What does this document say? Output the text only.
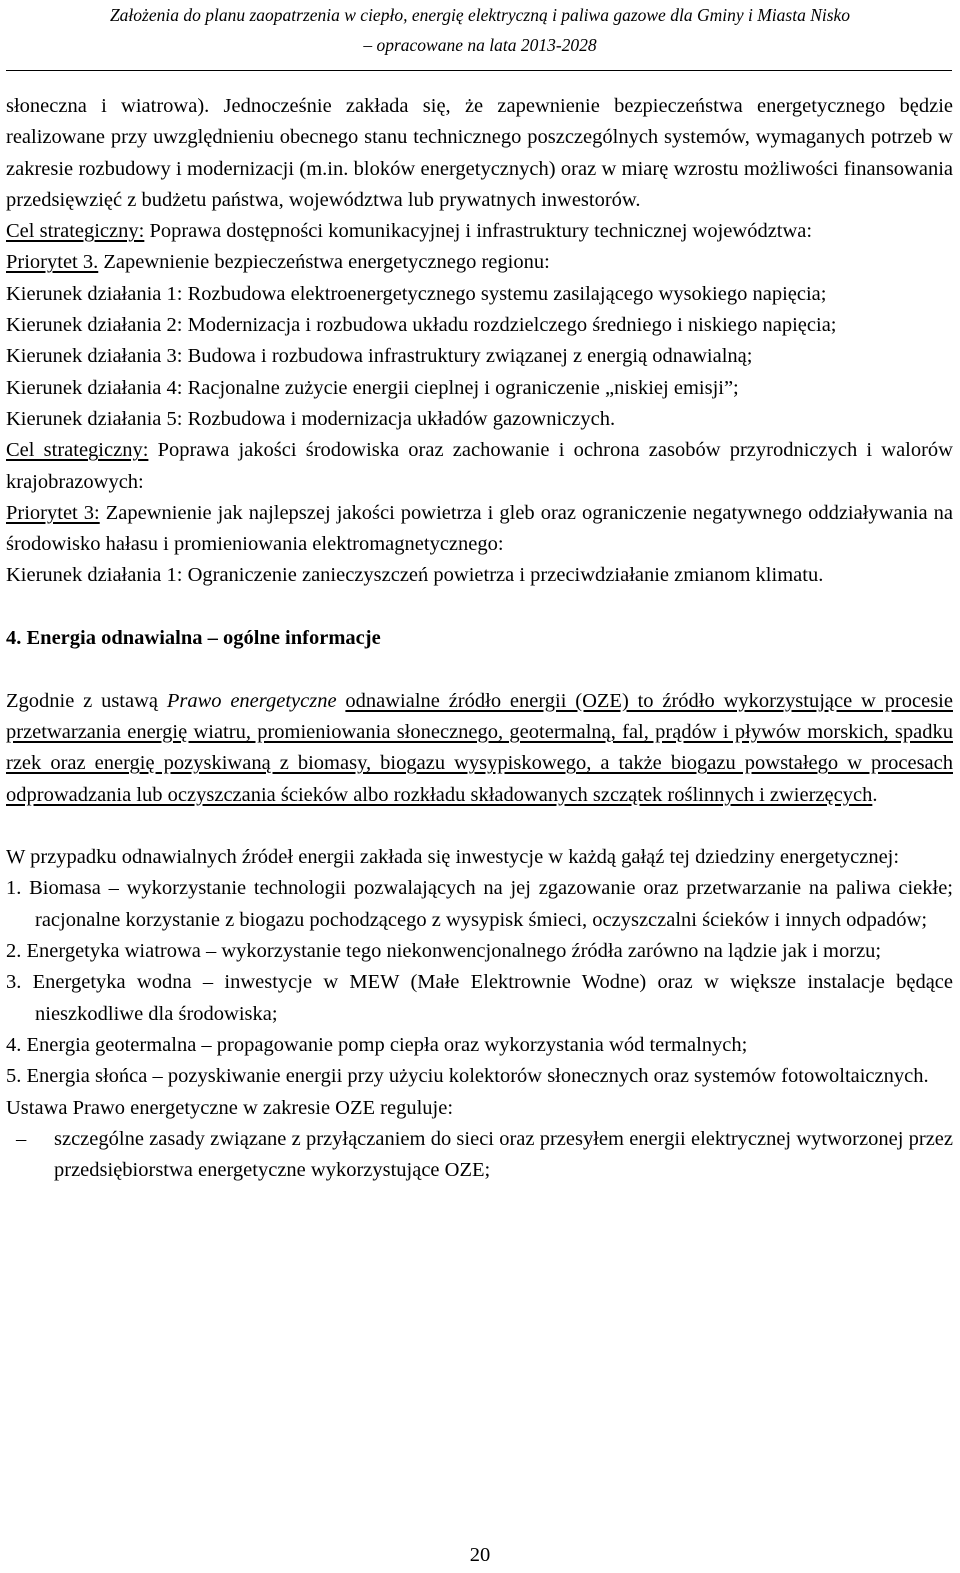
Założenia do planu zaopatrzenia w ciepło, energię elektryczną i paliwa gazowe dla Gminy i Miasta Nisko
– opracowane na lata 2013-2028

słoneczna i wiatrowa). Jednocześnie zakłada się, że zapewnienie bezpieczeństwa energetycznego będzie realizowane przy uwzględnieniu obecnego stanu technicznego poszczególnych systemów, wymaganych potrzeb w zakresie rozbudowy i modernizacji (m.in. bloków energetycznych) oraz w miarę wzrostu możliwości finansowania przedsięwzięć z budżetu państwa, województwa lub prywatnych inwestorów.

Cel strategiczny: Poprawa dostępności komunikacyjnej i infrastruktury technicznej województwa:

Priorytet 3. Zapewnienie bezpieczeństwa energetycznego regionu:

Kierunek działania 1: Rozbudowa elektroenergetycznego systemu zasilającego wysokiego napięcia;

Kierunek działania 2: Modernizacja i rozbudowa układu rozdzielczego średniego i niskiego napięcia;

Kierunek działania 3: Budowa i rozbudowa infrastruktury związanej z energią odnawialną;

Kierunek działania 4: Racjonalne zużycie energii cieplnej i ograniczenie „niskiej emisji”;

Kierunek działania 5: Rozbudowa i modernizacja układów gazowniczych.

Cel strategiczny: Poprawa jakości środowiska oraz zachowanie i ochrona zasobów przyrodniczych i walorów krajobrazowych:

Priorytet 3: Zapewnienie jak najlepszej jakości powietrza i gleb oraz ograniczenie negatywnego oddziaływania na środowisko hałasu i promieniowania elektromagnetycznego:

Kierunek działania 1: Ograniczenie zanieczyszczeń powietrza i przeciwdziałanie zmianom klimatu.

4. Energia odnawialna – ogólne informacje

Zgodnie z ustawą Prawo energetyczne odnawialne źródło energii (OZE) to źródło wykorzystujące w procesie przetwarzania energię wiatru, promieniowania słonecznego, geotermalną, fal, prądów i pływów morskich, spadku rzek oraz energię pozyskiwaną z biomasy, biogazu wysypiskowego, a także biogazu powstałego w procesach odprowadzania lub oczyszczania ścieków albo rozkładu składowanych szczątek roślinnych i zwierzęcych.

W przypadku odnawialnych źródeł energii zakłada się inwestycje w każdą gałąź tej dziedziny energetycznej:

1. Biomasa – wykorzystanie technologii pozwalających na jej zgazowanie oraz przetwarzanie na paliwa ciekłe; racjonalne korzystanie z biogazu pochodzącego z wysypisk śmieci, oczyszczalni ścieków i innych odpadów;

2. Energetyka wiatrowa – wykorzystanie tego niekonwencjonalnego źródła zarówno na lądzie jak i morzu;

3. Energetyka wodna – inwestycje w MEW (Małe Elektrownie Wodne) oraz w większe instalacje będące nieszkodliwe dla środowiska;

4. Energia geotermalna – propagowanie pomp ciepła oraz wykorzystania wód termalnych;

5. Energia słońca – pozyskiwanie energii przy użyciu kolektorów słonecznych oraz systemów fotowoltaicznych.

Ustawa Prawo energetyczne w zakresie OZE reguluje:

– szczególne zasady związane z przyłączaniem do sieci oraz przesyłem energii elektrycznej wytworzonej przez przedsiębiorstwa energetyczne wykorzystujące OZE;

20
